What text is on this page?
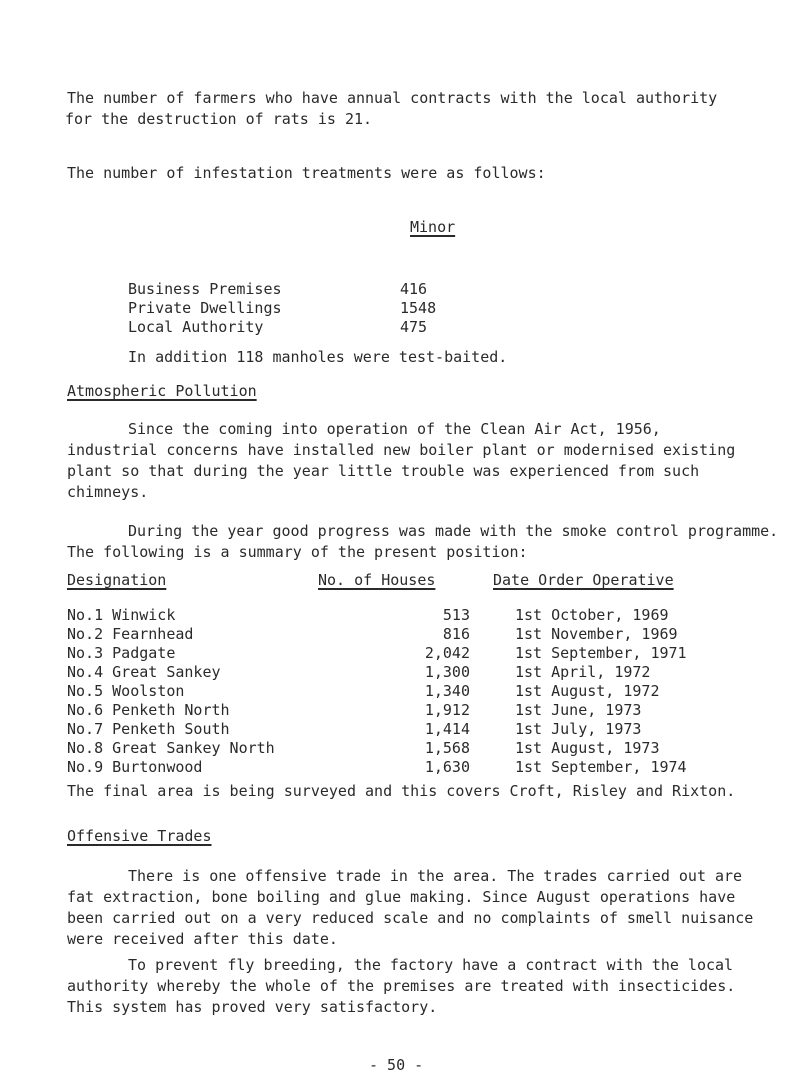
The number of farmers who have annual contracts with the local authority
for the destruction of rats is 21.
The number of infestation treatments were as follows:
Minor
Business Premises	416
Private Dwellings	1548
Local Authority	475
In addition 118 manholes were test-baited.
Atmospheric Pollution
Since the coming into operation of the Clean Air Act, 1956,
industrial concerns have installed new boiler plant or modernised existing
plant so that during the year little trouble was experienced from such
chimneys.
During the year good progress was made with the smoke control programme.
The following is a summary of the present position:
Designation	No. of Houses	Date Order Operative
No.1 Winwick	513	1st October, 1969
No.2 Fearnhead	816	1st November, 1969
No.3 Padgate	2,042	1st September, 1971
No.4 Great Sankey	1,300	1st April, 1972
No.5 Woolston	1,340	1st August, 1972
No.6 Penketh North	1,912	1st June, 1973
No.7 Penketh South	1,414	1st July, 1973
No.8 Great Sankey North	1,568	1st August, 1973
No.9 Burtonwood	1,630	1st September, 1974
The final area is being surveyed and this covers Croft, Risley and Rixton.
Offensive Trades
There is one offensive trade in the area. The trades carried out are
fat extraction, bone boiling and glue making. Since August operations have
been carried out on a very reduced scale and no complaints of smell nuisance
were received after this date.
To prevent fly breeding, the factory have a contract with the local
authority whereby the whole of the premises are treated with insecticides.
This system has proved very satisfactory.
- 50 -
